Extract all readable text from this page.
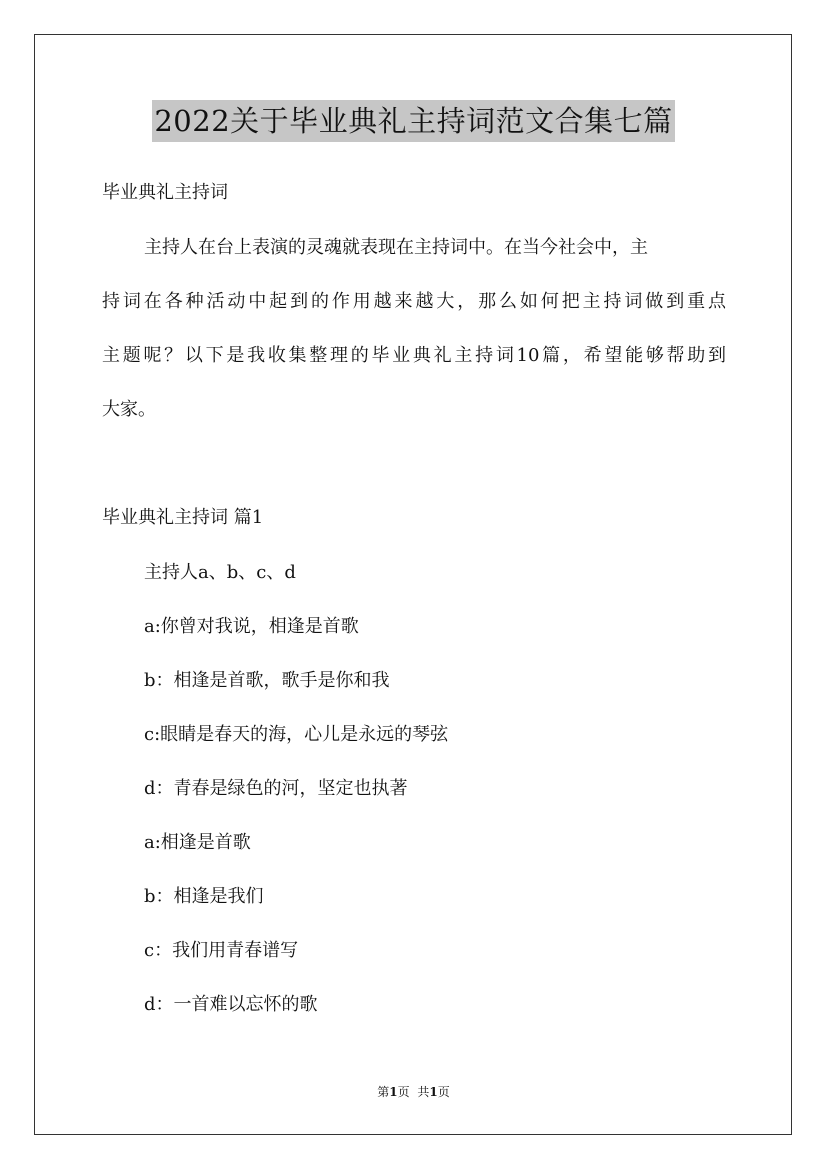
2022关于毕业典礼主持词范文合集七篇
毕业典礼主持词
主持人在台上表演的灵魂就表现在主持词中。在当今社会中，主
持词在各种活动中起到的作用越来越大，那么如何把主持词做到重点
主题呢？以下是我收集整理的毕业典礼主持词10篇，希望能够帮助到
大家。
毕业典礼主持词 篇1
主持人a、b、c、d
a:你曾对我说，相逢是首歌
b：相逢是首歌，歌手是你和我
c:眼睛是春天的海，心儿是永远的琴弦
d：青春是绿色的河，坚定也执著
a:相逢是首歌
b：相逢是我们
c：我们用青春谱写
d：一首难以忘怀的歌
第1页 共1页
